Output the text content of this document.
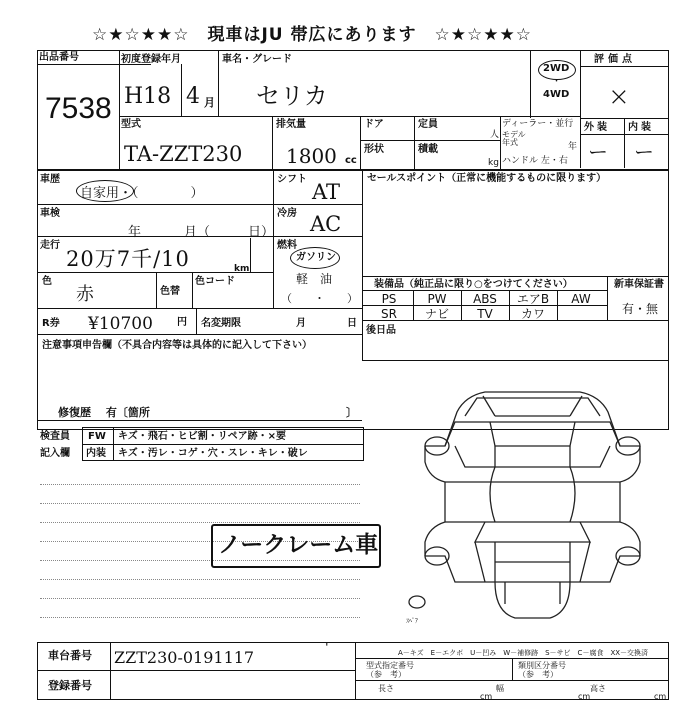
☆★☆★★☆　現車はJU 帯広にあります　☆★☆★★☆
出品番号
7538
初度登録年月
H18 4 月
車名・グレード
セリカ
2WD
・
4WD
評価点
×
型式
TA-ZZT230
排気量
1800 cc
ドア	定員
人
ディーラー・並行
モデル年式	年
形状	積載
kg ハンドル 左・右
外装 内装
ー ー
車歴
自家用・（　　　　）
車検
年	月（	日）
走行
20万7千/10	km
色
赤	色替
色コード
シフト
AT
冷房 AC
燃料
ガソリン
軽　油
（　　・　　）
セールスポイント（正常に機能するものに限ります）
装備品（純正品に限り○をつけてください）	新車保証書
有・無
PS	PW	ABS	エアB	AW
SR	ナビ	TV	カワ
R券 ¥10700 円 名変期限	月	日
後日品
注意事項申告欄（不具合内容等は具体的に記入して下さい）
修復歴　 有〔箇所	〕
検査員
記入欄
FW キズ・飛石・ヒビ割・リペア跡・×要
内装 キズ・汚レ・コゲ・穴・スレ・キレ・破レ
ノークレーム車
ｽﾍﾟｱ
A－キズ　E－エクボ　U－凹み　W－補修跡　S－サビ　C－腐食　XX－交換済
車台番号 ZZT230-0191117	'
登録番号
型式指定番号
（参　考）
類別区分番号
（参　考）
長さ
cm
幅
cm
高さ
cm
